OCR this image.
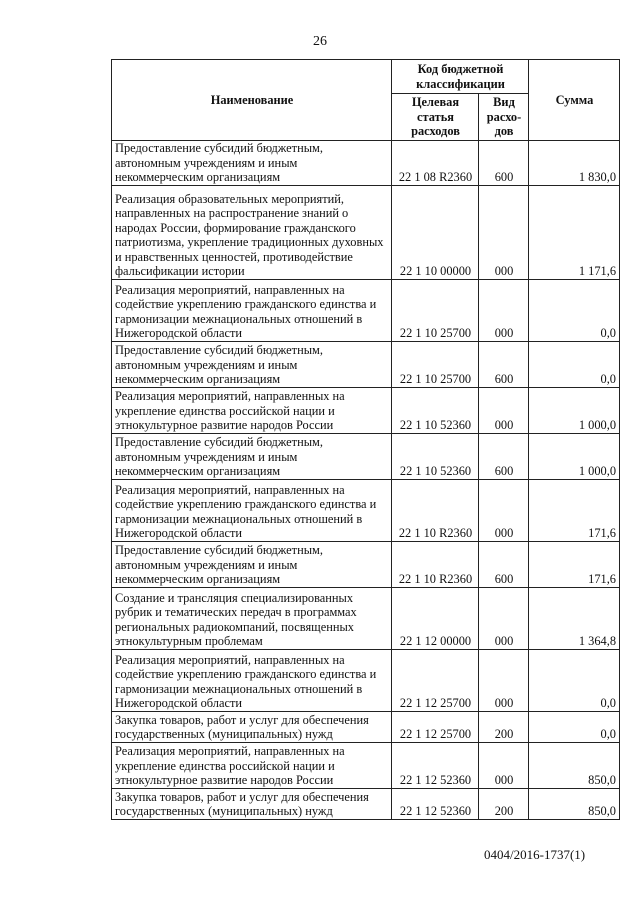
26
Наименование	Код бюджетной классификации		Сумма
	Целевая статья расходов	Вид расхо-дов	
Предоставление субсидий бюджетным, автономным учреждениям и иным некоммерческим организациям	22 1 08 R2360	600	1 830,0
Реализация образовательных мероприятий, направленных на распространение знаний о народах России, формирование гражданского патриотизма, укрепление традиционных духовных и нравственных ценностей, противодействие фальсификации истории	22 1 10 00000	000	1 171,6
Реализация мероприятий, направленных на содействие укреплению гражданского единства и гармонизации межнациональных отношений в Нижегородской области	22 1 10 25700	000	0,0
Предоставление субсидий бюджетным, автономным учреждениям и иным некоммерческим организациям	22 1 10 25700	600	0,0
Реализация мероприятий, направленных на укрепление единства российской нации и этнокультурное развитие народов России	22 1 10 52360	000	1 000,0
Предоставление субсидий бюджетным, автономным учреждениям и иным некоммерческим организациям	22 1 10 52360	600	1 000,0
Реализация мероприятий, направленных на содействие укреплению гражданского единства и гармонизации межнациональных отношений в Нижегородской области	22 1 10 R2360	000	171,6
Предоставление субсидий бюджетным, автономным учреждениям и иным некоммерческим организациям	22 1 10 R2360	600	171,6
Создание и трансляция специализированных рубрик и тематических передач в программах региональных радиокомпаний, посвященных этнокультурным проблемам	22 1 12 00000	000	1 364,8
Реализация мероприятий, направленных на содействие укреплению гражданского единства и гармонизации межнациональных отношений в Нижегородской области	22 1 12 25700	000	0,0
Закупка товаров, работ и услуг для обеспечения государственных (муниципальных) нужд	22 1 12 25700	200	0,0
Реализация мероприятий, направленных на укрепление единства российской нации и этнокультурное развитие народов России	22 1 12 52360	000	850,0
Закупка товаров, работ и услуг для обеспечения государственных (муниципальных) нужд	22 1 12 52360	200	850,0
0404/2016-1737(1)
